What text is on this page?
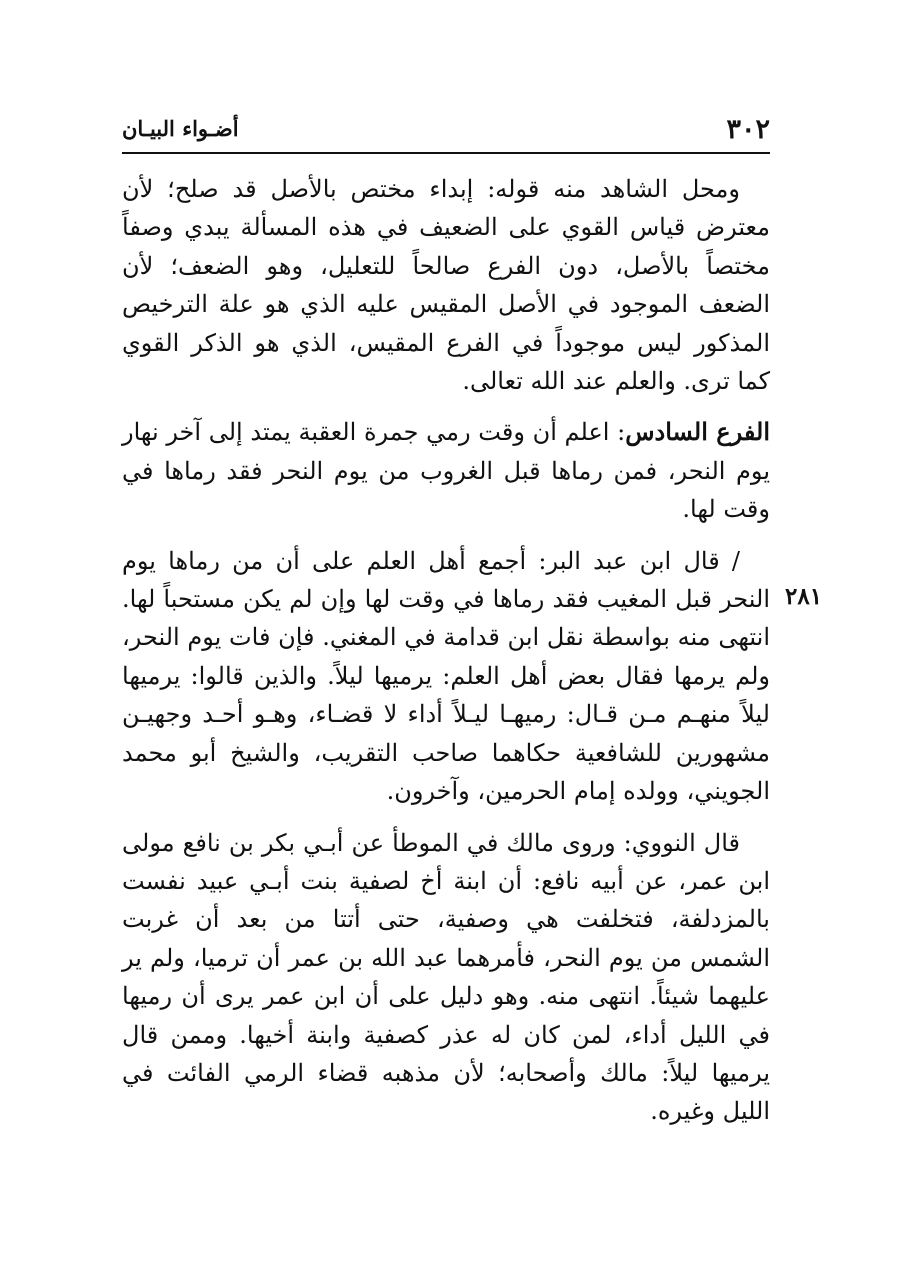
٣٠٢
أضـواء البيـان
٢٨١

ومحل الشاهد منه قوله: إبداء مختص بالأصل قد صلح؛ لأن معترض قياس القوي على الضعيف في هذه المسألة يبدي وصفاً مختصاً بالأصل، دون الفرع صالحاً للتعليل، وهو الضعف؛ لأن الضعف الموجود في الأصل المقيس عليه الذي هو علة الترخيص المذكور ليس موجوداً في الفرع المقيس، الذي هو الذكر القوي كما ترى. والعلم عند الله تعالى.

الفرع السادس: اعلم أن وقت رمي جمرة العقبة يمتد إلى آخر نهار يوم النحر، فمن رماها قبل الغروب من يوم النحر فقد رماها في وقت لها.

/ قال ابن عبد البر: أجمع أهل العلم على أن من رماها يوم النحر قبل المغيب فقد رماها في وقت لها وإن لم يكن مستحباً لها. انتهى منه بواسطة نقل ابن قدامة في المغني. فإن فات يوم النحر، ولم يرمها فقال بعض أهل العلم: يرميها ليلاً. والذين قالوا: يرميها ليلاً منهـم مـن قـال: رميهـا ليـلاً أداء لا قضـاء، وهـو أحـد وجهيـن مشهورين للشافعية حكاهما صاحب التقريب، والشيخ أبو محمد الجويني، وولده إمام الحرمين، وآخرون.

قال النووي: وروى مالك في الموطأ عن أبـي بكر بن نافع مولى ابن عمر، عن أبيه نافع: أن ابنة أخ لصفية بنت أبـي عبيد نفست بالمزدلفة، فتخلفت هي وصفية، حتى أتتا من بعد أن غربت الشمس من يوم النحر، فأمرهما عبد الله بن عمر أن ترميا، ولم ير عليهما شيئاً. انتهى منه. وهو دليل على أن ابن عمر يرى أن رميها في الليل أداء، لمن كان له عذر كصفية وابنة أخيها. وممن قال يرميها ليلاً: مالك وأصحابه؛ لأن مذهبه قضاء الرمي الفائت في الليل وغيره.
